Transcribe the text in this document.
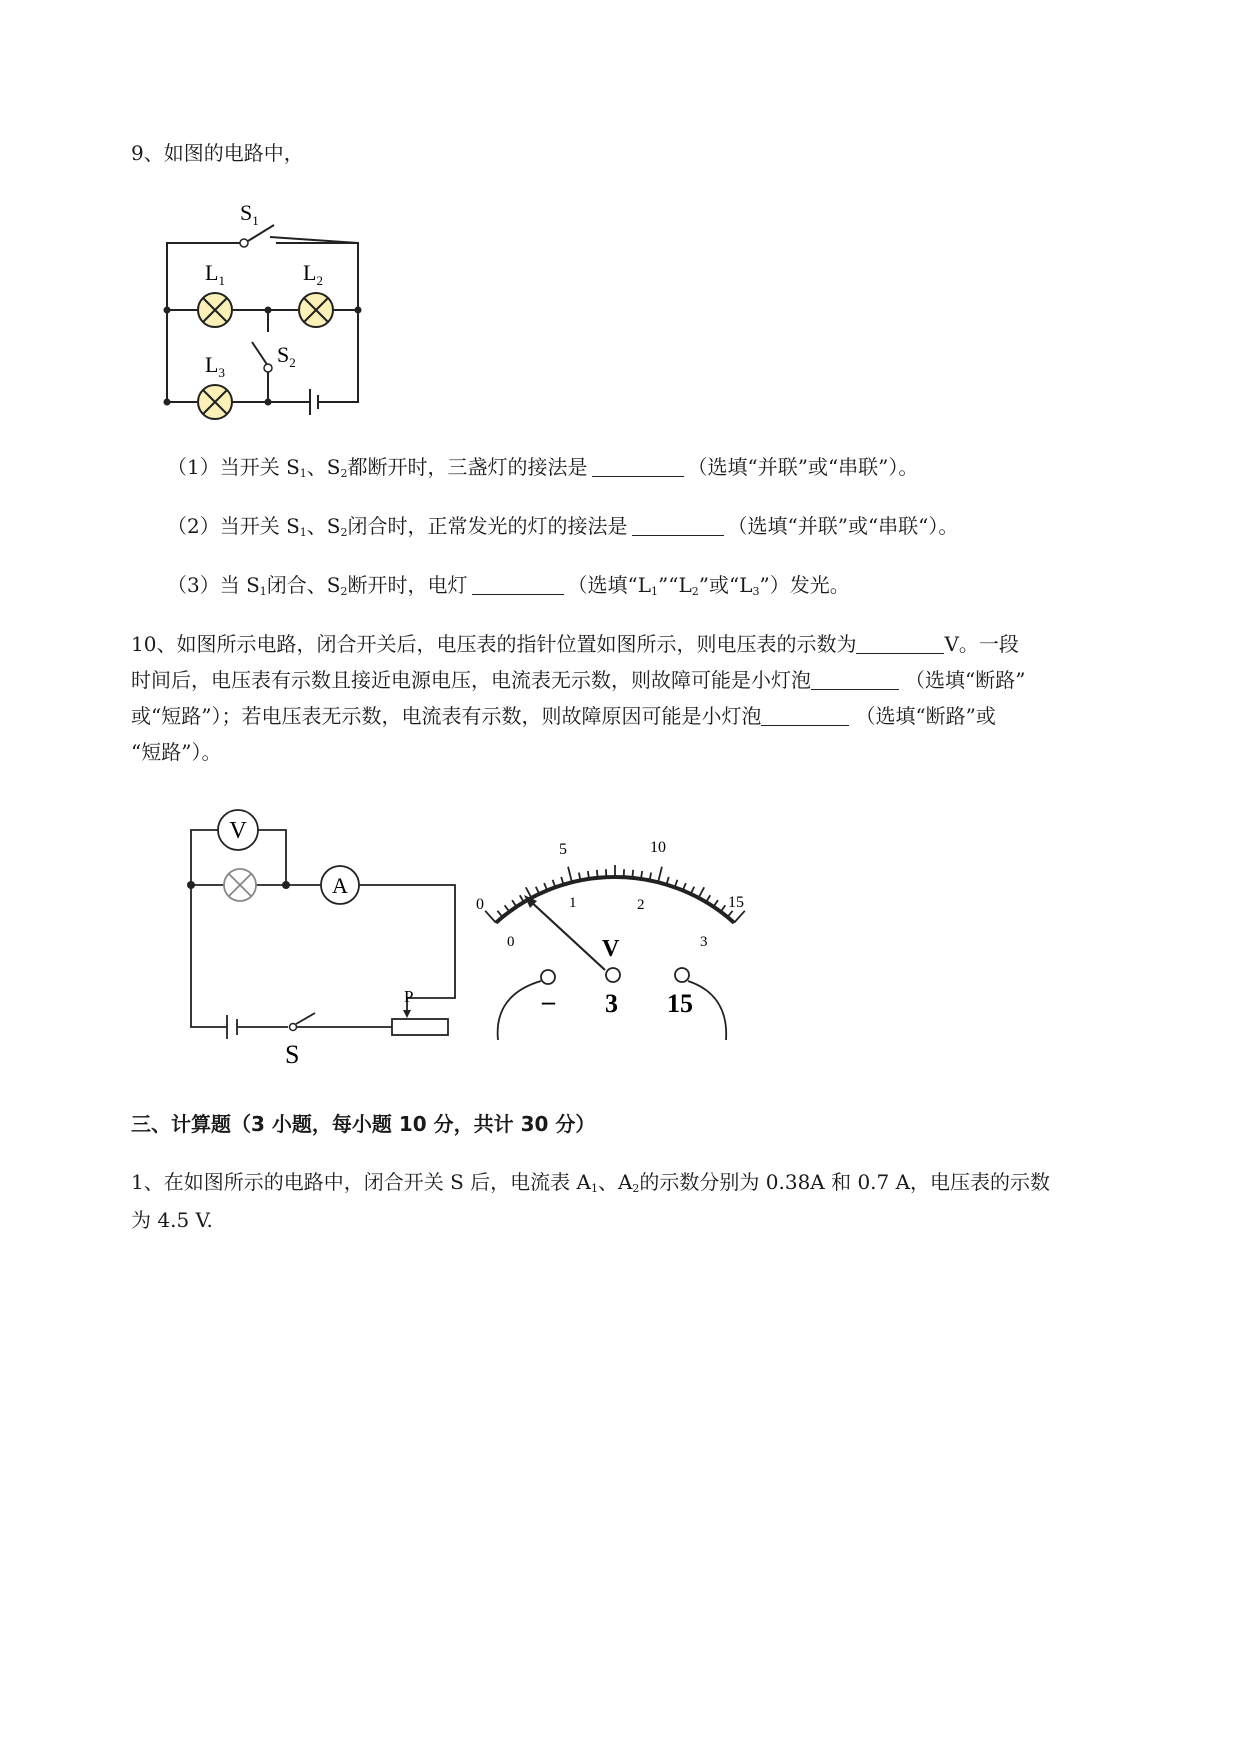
9、如图的电路中，
$S_1$
$L_1$	$L_2$
$L_3$
$S_2$
（1）当开关 $S_1$、$S_2$都断开时，三盏灯的接法是	（选填“并联”或“串联”）。
（2）当开关 $S_1$、$S_2$闭合时，正常发光的灯的接法是	（选填“并联”或“串联“）。
（3）当 $S_1$闭合、$S_2$断开时，电灯	（选填“$L_1”“L_2$”或“$L_3$”）发光。
10、如图所示电路，闭合开关后，电压表的指针位置如图所示，则电压表的示数为	V。一段
时间后，电压表有示数且接近电源电压，电流表无示数，则故障可能是小灯泡	（选填“断路”
或“短路”）；若电压表无示数，电流表有示数，则故障原因可能是小灯泡	（选填“断路”或
“短路”）。
V
A
P
S
5	10
0	15
0
1	2
3
V
– 3 15
三、计算题（3 小题，每小题 10 分，共计 30 分）
1、在如图所示的电路中，闭合开关 S 后，电流表 $A_1$、$A_2$的示数分别为 0.38A 和 0.7 A，电压表的示数
为 4.5 V.
